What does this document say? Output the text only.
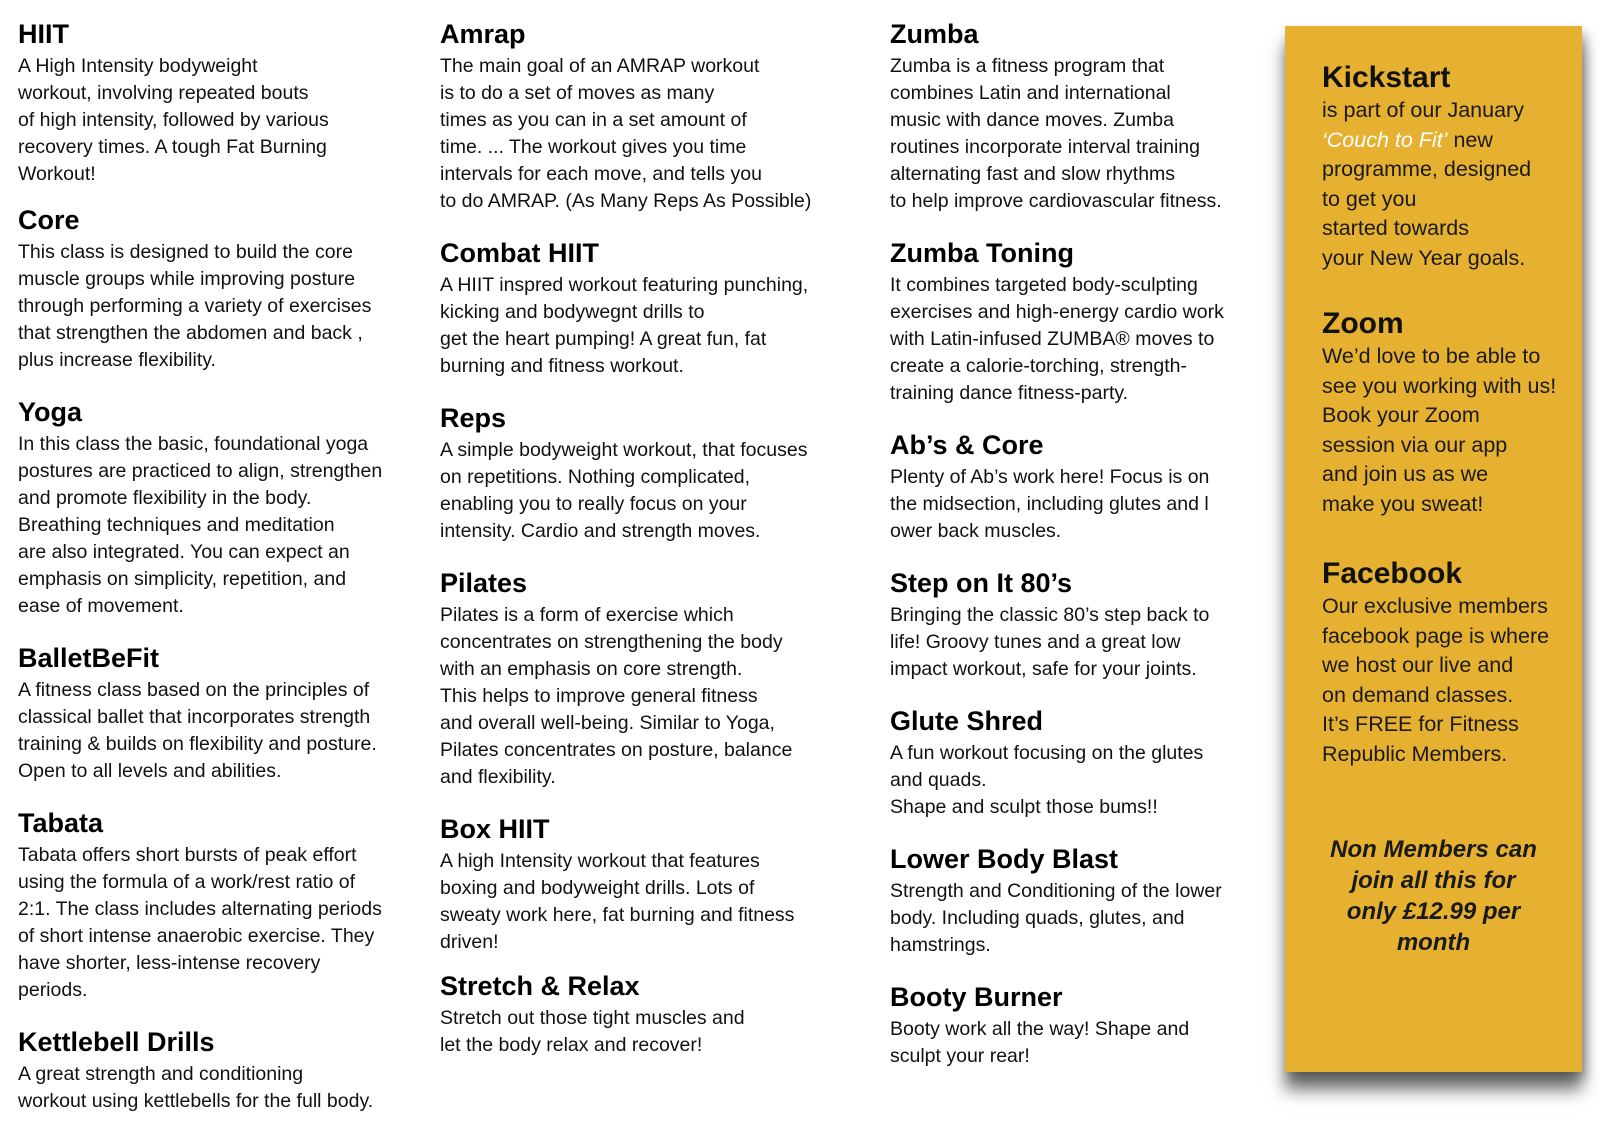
HIIT

A High Intensity bodyweight
workout, involving repeated bouts
of high intensity, followed by various
recovery times. A tough Fat Burning
Workout!

Core

This class is designed to build the core
muscle groups while improving posture
through performing a variety of exercises
that strengthen the abdomen and back ,
plus increase flexibility.

Yoga

In this class the basic, foundational yoga
postures are practiced to align, strengthen
and promote flexibility in the body.
Breathing techniques and meditation
are also integrated. You can expect an
emphasis on simplicity, repetition, and
ease of movement.

BalletBeFit

A fitness class based on the principles of
classical ballet that incorporates strength
training & builds on flexibility and posture.
Open to all levels and abilities.

Tabata

Tabata offers short bursts of peak effort
using the formula of a work/rest ratio of
2:1. The class includes alternating periods
of short intense anaerobic exercise. They
have shorter, less-intense recovery
periods.

Kettlebell Drills

A great strength and conditioning
workout using kettlebells for the full body.

Amrap

The main goal of an AMRAP workout
is to do a set of moves as many
times as you can in a set amount of
time. ... The workout gives you time
intervals for each move, and tells you
to do AMRAP. (As Many Reps As Possible)

Combat HIIT

A HIIT inspred workout featuring punching,
kicking and bodywegnt drills to
get the heart pumping! A great fun, fat
burning and fitness workout.

Reps

A simple bodyweight workout, that focuses
on repetitions. Nothing complicated,
enabling you to really focus on your
intensity. Cardio and strength moves.

Pilates

Pilates is a form of exercise which
concentrates on strengthening the body
with an emphasis on core strength.
This helps to improve general fitness
and overall well-being. Similar to Yoga,
Pilates concentrates on posture, balance
and flexibility.

Box HIIT

A high Intensity workout that features
boxing and bodyweight drills. Lots of
sweaty work here, fat burning and fitness
driven!

Stretch & Relax

Stretch out those tight muscles and
let the body relax and recover!

Zumba

Zumba is a fitness program that
combines Latin and international
music with dance moves. Zumba
routines incorporate interval training
alternating fast and slow rhythms
to help improve cardiovascular fitness.

Zumba Toning

It combines targeted body-sculpting
exercises and high-energy cardio work
with Latin-infused ZUMBA® moves to
create a calorie-torching, strength-
training dance fitness-party.

Ab’s & Core

Plenty of Ab’s work here! Focus is on
the midsection, including glutes and l
ower back muscles.

Step on It 80’s

Bringing the classic 80’s step back to
life! Groovy tunes and a great low
impact workout, safe for your joints.

Glute Shred

A fun workout focusing on the glutes
and quads.
Shape and sculpt those bums!!

Lower Body Blast

Strength and Conditioning of the lower
body. Including quads, glutes, and
hamstrings.

Booty Burner

Booty work all the way! Shape and
sculpt your rear!

Kickstart

is part of our January
‘Couch to Fit’ new
programme, designed
to get you
started towards
your New Year goals.

Zoom

We’d love to be able to
see you working with us!
Book your Zoom
session via our app
and join us as we
make you sweat!

Facebook

Our exclusive members
facebook page is where
we host our live and
on demand classes.
It’s FREE for Fitness
Republic Members.

Non Members can
join all this for
only £12.99 per
month
